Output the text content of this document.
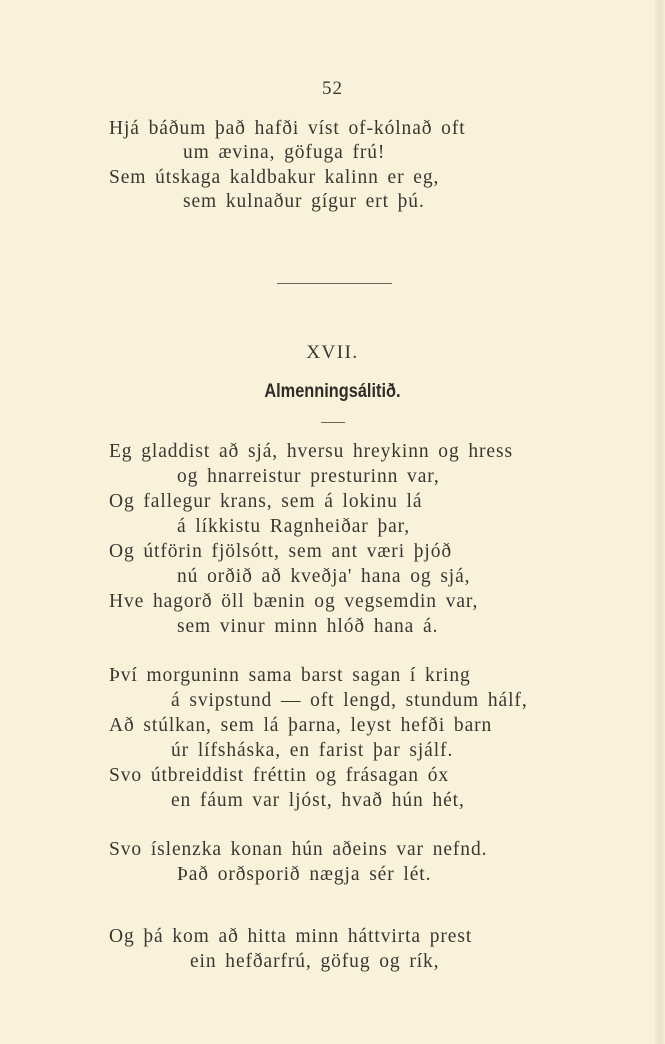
52
Hjá báðum það hafði víst of-kólnað oft
um ævina, göfuga frú!
Sem útskaga kaldbakur kalinn er eg,
sem kulnaður gígur ert þú.
XVII.
Almenningsálitið.
Eg gladdist að sjá, hversu hreykinn og hress
og hnarreistur presturinn var,
Og fallegur krans, sem á lokinu lá
á líkkistu Ragnheiðar þar,
Og útförin fjölsótt, sem ant væri þjóð
nú orðið að kveðja' hana og sjá,
Hve hagorð öll bænin og vegsemdin var,
sem vinur minn hlóð hana á.
Því morguninn sama barst sagan í kring
á svipstund — oft lengd, stundum hálf,
Að stúlkan, sem lá þarna, leyst hefði barn
úr lífsháska, en farist þar sjálf.
Svo útbreiddist fréttin og frásagan óx
en fáum var ljóst, hvað hún hét,
Svo íslenzka konan hún aðeins var nefnd.
Það orðsporið nægja sér lét.
Og þá kom að hitta minn háttvirta prest
ein hefðarfrú, göfug og rík,
